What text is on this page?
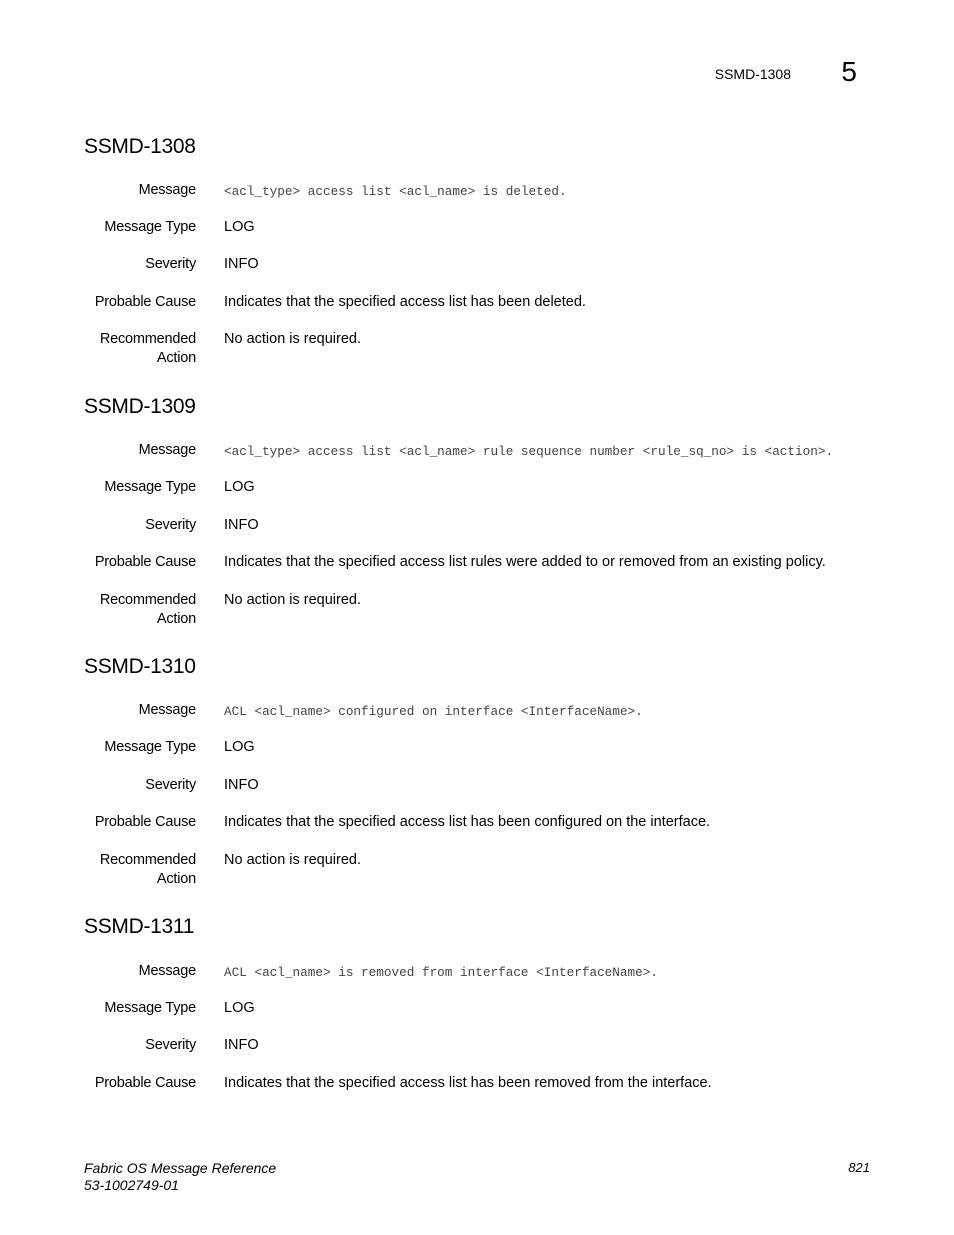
SSMD-1308 5
SSMD-1308
Message <acl_type> access list <acl_name> is deleted.
Message Type LOG
Severity INFO
Probable Cause Indicates that the specified access list has been deleted.
Recommended
Action
No action is required.
SSMD-1309
Message <acl_type> access list <acl_name> rule sequence number <rule_sq_no> is <action>.
Message Type LOG
Severity INFO
Probable Cause Indicates that the specified access list rules were added to or removed from an existing policy.
Recommended
Action
No action is required.
SSMD-1310
Message ACL <acl_name> configured on interface <InterfaceName>.
Message Type LOG
Severity INFO
Probable Cause Indicates that the specified access list has been configured on the interface.
Recommended
Action
No action is required.
SSMD-1311
Message ACL <acl_name> is removed from interface <InterfaceName>.
Message Type LOG
Severity INFO
Probable Cause Indicates that the specified access list has been removed from the interface.
Fabric OS Message Reference
53-1002749-01
821
